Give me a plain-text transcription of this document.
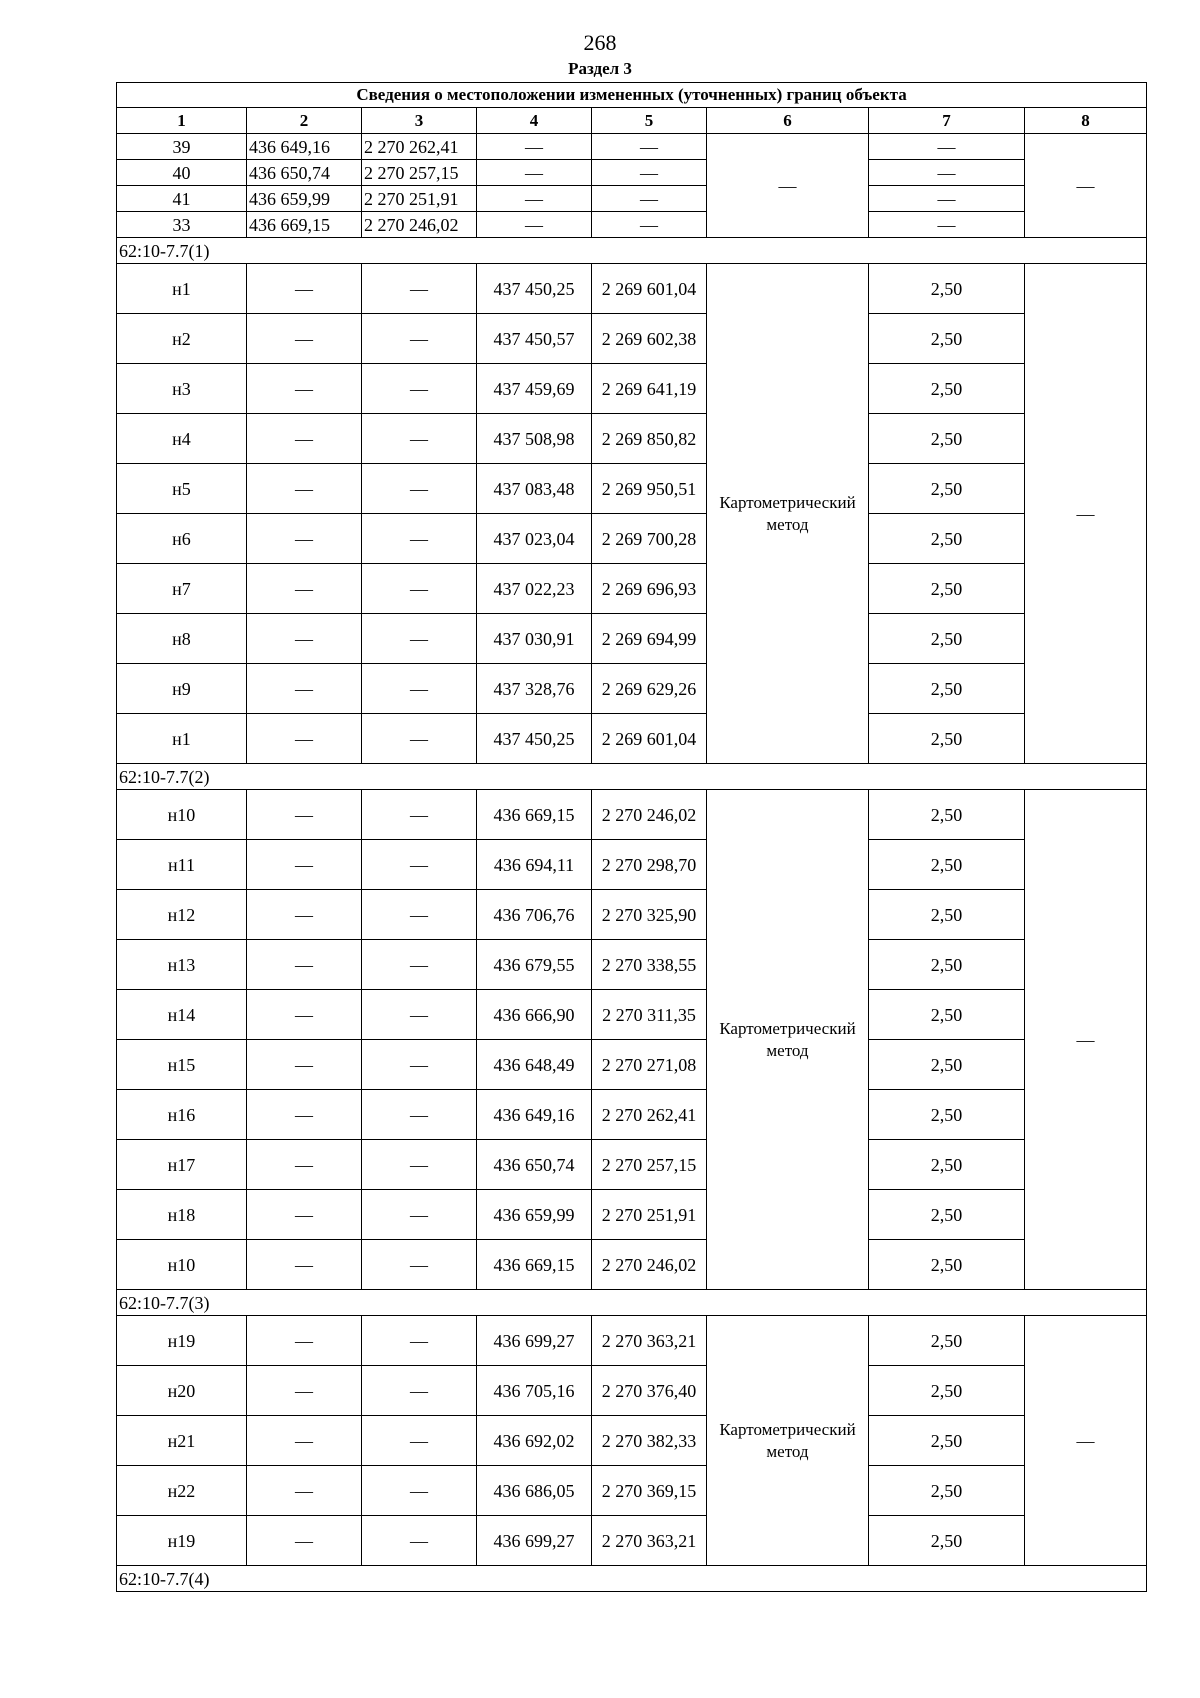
268
Раздел 3
Сведения о местоположении измененных (уточненных) границ объекта							
1	2	3	4	5	6	7	8
39	436 649,16	2 270 262,41	—	—	—	—	—
40	436 650,74	2 270 257,15	—	—		—	
41	436 659,99	2 270 251,91	—	—		—	
33	436 669,15	2 270 246,02	—	—		—	
62:10-7.7(1)							
н1	—	—	437 450,25	2 269 601,04	Картометрический метод	2,50	—
н2	—	—	437 450,57	2 269 602,38		2,50	
н3	—	—	437 459,69	2 269 641,19		2,50	
н4	—	—	437 508,98	2 269 850,82		2,50	
н5	—	—	437 083,48	2 269 950,51		2,50	
н6	—	—	437 023,04	2 269 700,28		2,50	
н7	—	—	437 022,23	2 269 696,93		2,50	
н8	—	—	437 030,91	2 269 694,99		2,50	
н9	—	—	437 328,76	2 269 629,26		2,50	
н1	—	—	437 450,25	2 269 601,04		2,50	
62:10-7.7(2)							
н10	—	—	436 669,15	2 270 246,02	Картометрический метод	2,50	—
н11	—	—	436 694,11	2 270 298,70		2,50	
н12	—	—	436 706,76	2 270 325,90		2,50	
н13	—	—	436 679,55	2 270 338,55		2,50	
н14	—	—	436 666,90	2 270 311,35		2,50	
н15	—	—	436 648,49	2 270 271,08		2,50	
н16	—	—	436 649,16	2 270 262,41		2,50	
н17	—	—	436 650,74	2 270 257,15		2,50	
н18	—	—	436 659,99	2 270 251,91		2,50	
н10	—	—	436 669,15	2 270 246,02		2,50	
62:10-7.7(3)							
н19	—	—	436 699,27	2 270 363,21	Картометрический метод	2,50	—
н20	—	—	436 705,16	2 270 376,40		2,50	
н21	—	—	436 692,02	2 270 382,33		2,50	
н22	—	—	436 686,05	2 270 369,15		2,50	
н19	—	—	436 699,27	2 270 363,21		2,50	
62:10-7.7(4)							
